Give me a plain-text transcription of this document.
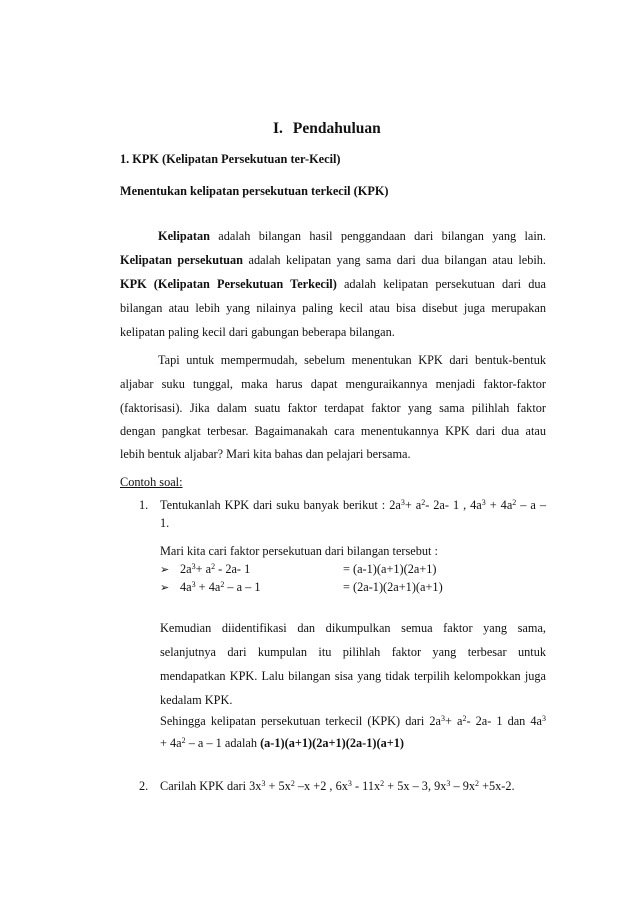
I. Pendahuluan
1. KPK (Kelipatan Persekutuan ter-Kecil)
Menentukan kelipatan persekutuan terkecil (KPK)
Kelipatan adalah bilangan hasil penggandaan dari bilangan yang lain.
Kelipatan persekutuan adalah kelipatan yang sama dari dua bilangan atau lebih.
KPK (Kelipatan Persekutuan Terkecil) adalah kelipatan persekutuan dari dua
bilangan atau lebih yang nilainya paling kecil atau bisa disebut juga merupakan
kelipatan paling kecil dari gabungan beberapa bilangan.
Tapi untuk mempermudah, sebelum menentukan KPK dari bentuk-bentuk
aljabar suku tunggal, maka harus dapat menguraikannya menjadi faktor-faktor
(faktorisasi). Jika dalam suatu faktor terdapat faktor yang sama pilihlah faktor
dengan pangkat terbesar. Bagaimanakah cara menentukannya KPK dari dua atau
lebih bentuk aljabar? Mari kita bahas dan pelajari bersama.
Contoh soal:
1. Tentukanlah KPK dari suku banyak berikut : $2a^3+ a^2-$ 2a- 1 , $4a^3 + 4a^2 - a$ –
1.
Mari kita cari faktor persekutuan dari bilangan tersebut :
➢ $2a^3+ a^2 - 2a-$ 1	= (a-1)(a+1)(2a+1)
➢ $4a^3 + 4a^2 - a - 1$	= (2a-1)(2a+1)(a+1)
Kemudian diidentifikasi dan dikumpulkan semua faktor yang sama,
selanjutnya dari kumpulan itu pilihlah faktor yang terbesar untuk
mendapatkan KPK. Lalu bilangan sisa yang tidak terpilih kelompokkan juga
kedalam KPK.
Sehingga kelipatan persekutuan terkecil (KPK) dari $2a^3+ a^2-$ 2a- 1 dan $4a^3$
+ $4a^2$ – a – 1 adalah (a-1)(a+1)(2a+1)(2a-1)(a+1)
2. Carilah KPK dari $3x^3 + 5x^2$ –x +2 , $6x^3 - 11x^2 + 5x - 3$, $9x^3 - 9x^2 +5x-2$.
